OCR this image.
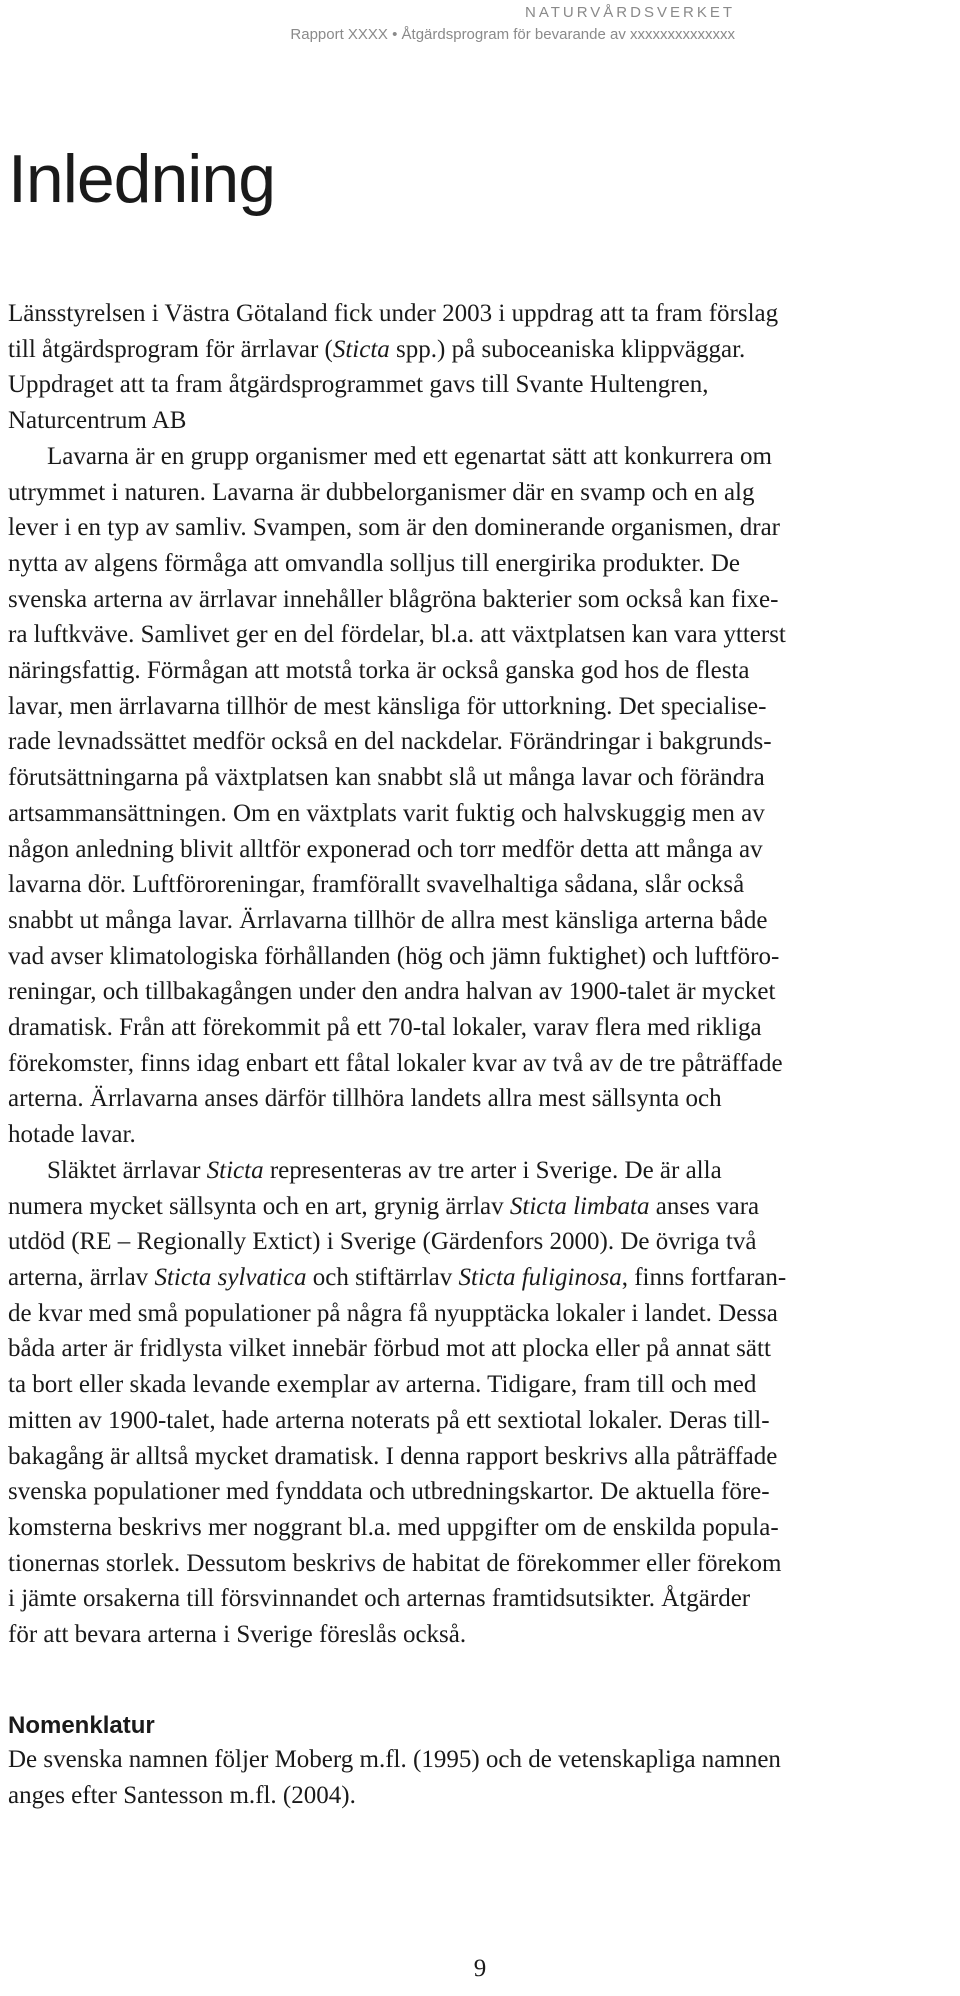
NATURVÅRDSVERKET
Rapport XXXX • Åtgärdsprogram för bevarande av xxxxxxxxxxxxxx
Inledning

Länsstyrelsen i Västra Götaland fick under 2003 i uppdrag att ta fram förslag
till åtgärdsprogram för ärrlavar (Sticta spp.) på suboceaniska klippväggar.
Uppdraget att ta fram åtgärdsprogrammet gavs till Svante Hultengren,
Naturcentrum AB

Lavarna är en grupp organismer med ett egenartat sätt att konkurrera om
utrymmet i naturen. Lavarna är dubbelorganismer där en svamp och en alg
lever i en typ av samliv. Svampen, som är den dominerande organismen, drar
nytta av algens förmåga att omvandla solljus till energirika produkter. De
svenska arterna av ärrlavar innehåller blågröna bakterier som också kan fixe-
ra luftkväve. Samlivet ger en del fördelar, bl.a. att växtplatsen kan vara ytterst
näringsfattig. Förmågan att motstå torka är också ganska god hos de flesta
lavar, men ärrlavarna tillhör de mest känsliga för uttorkning. Det specialise-
rade levnadssättet medför också en del nackdelar. Förändringar i bakgrunds-
förutsättningarna på växtplatsen kan snabbt slå ut många lavar och förändra
artsammansättningen. Om en växtplats varit fuktig och halvskuggig men av
någon anledning blivit alltför exponerad och torr medför detta att många av
lavarna dör. Luftföroreningar, framförallt svavelhaltiga sådana, slår också
snabbt ut många lavar. Ärrlavarna tillhör de allra mest känsliga arterna både
vad avser klimatologiska förhållanden (hög och jämn fuktighet) och luftföro-
reningar, och tillbakagången under den andra halvan av 1900-talet är mycket
dramatisk. Från att förekommit på ett 70-tal lokaler, varav flera med rikliga
förekomster, finns idag enbart ett fåtal lokaler kvar av två av de tre påträffade
arterna. Ärrlavarna anses därför tillhöra landets allra mest sällsynta och
hotade lavar.

Släktet ärrlavar Sticta representeras av tre arter i Sverige. De är alla
numera mycket sällsynta och en art, grynig ärrlav Sticta limbata anses vara
utdöd (RE – Regionally Extict) i Sverige (Gärdenfors 2000). De övriga två
arterna, ärrlav Sticta sylvatica och stiftärrlav Sticta fuliginosa, finns fortfaran-
de kvar med små populationer på några få nyupptäcka lokaler i landet. Dessa
båda arter är fridlysta vilket innebär förbud mot att plocka eller på annat sätt
ta bort eller skada levande exemplar av arterna. Tidigare, fram till och med
mitten av 1900-talet, hade arterna noterats på ett sextiotal lokaler. Deras till-
bakagång är alltså mycket dramatisk. I denna rapport beskrivs alla påträffade
svenska populationer med fynddata och utbredningskartor. De aktuella före-
komsterna beskrivs mer noggrant bl.a. med uppgifter om de enskilda popula-
tionernas storlek. Dessutom beskrivs de habitat de förekommer eller förekom
i jämte orsakerna till försvinnandet och arternas framtidsutsikter. Åtgärder
för att bevara arterna i Sverige föreslås också.

Nomenklatur
De svenska namnen följer Moberg m.fl. (1995) och de vetenskapliga namnen
anges efter Santesson m.fl. (2004).
9
